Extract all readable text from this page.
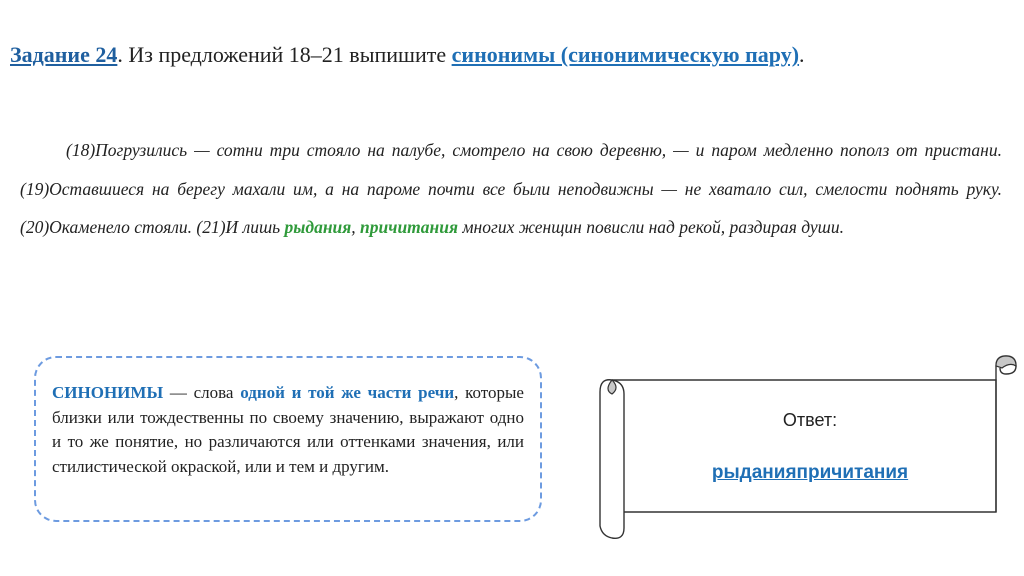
Задание 24. Из предложений 18–21 выпишите синонимы (синонимическую пару).
(18)Погрузились — сотни три стояло на палубе, смотрело на свою деревню, — и паром медленно пополз от пристани. (19)Оставшиеся на берегу махали им, а на пароме почти все были неподвижны — не хватало сил, смелости поднять руку. (20)Окаменело стояли. (21)И лишь рыдания, причитания многих женщин повисли над рекой, раздирая души.
СИНОНИМЫ — слова одной и той же части речи, которые близки или тождественны по своему значению, выражают одно и то же понятие, но различаются или оттенками значения, или стилистической окраской, или и тем и другим.
Ответ:
рыданияпричитания
